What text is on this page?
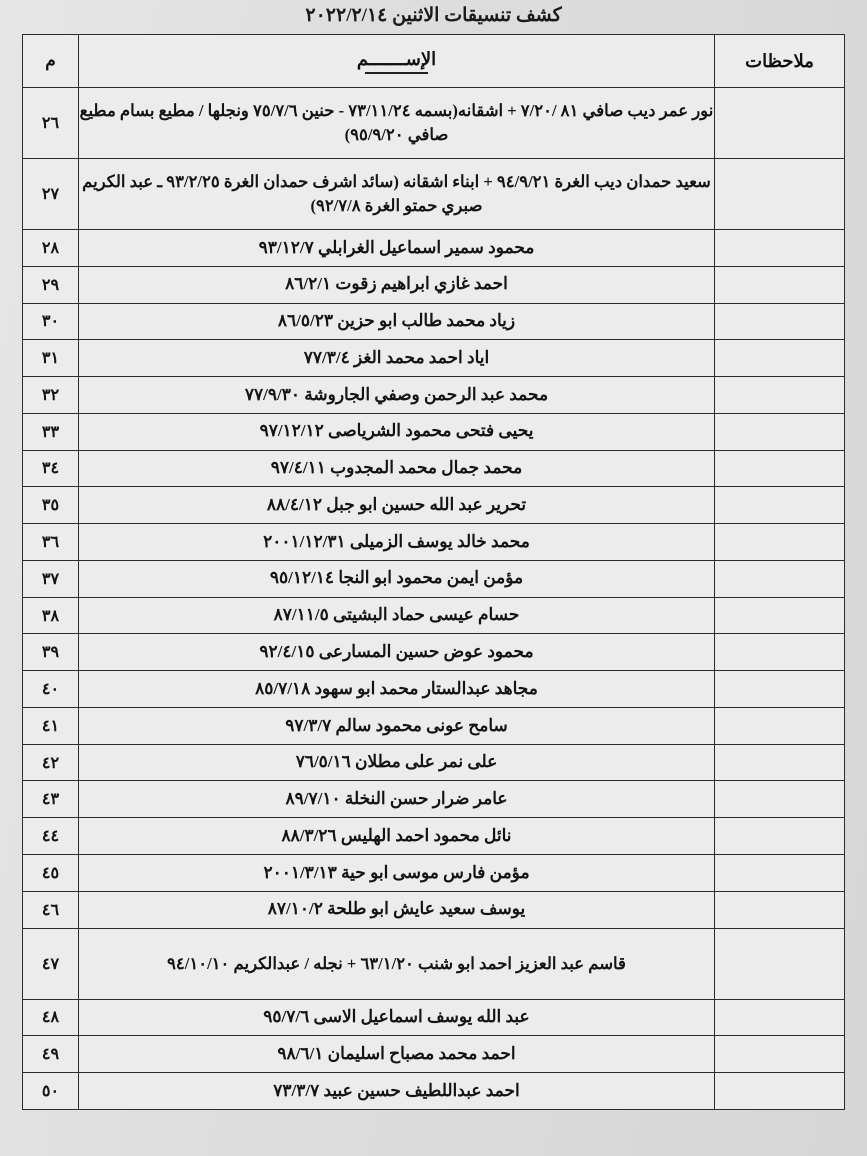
كشف تنسيقات الاثنين ٢٠٢٢/٢/١٤
ملاحظات	الإســـــــم	م
	نور عمر ديب صافي ٨١ /٧/٢٠ + اشقانه(بسمه ٧٣/١١/٢٤ - حنين ٧٥/٧/٦ ونجلها / مطيع بسام مطيع صافي ٩٥/٩/٢٠)	٢٦
	سعيد حمدان ديب الغرة ٩٤/٩/٢١ + ابناء اشقانه (سائد اشرف حمدان الغرة ٩٣/٢/٢٥ ـ عبد الكريم صبري حمتو الغرة ٩٢/٧/٨)	٢٧
	محمود سمير اسماعيل الغرابلي ٩٣/١٢/٧	٢٨
	احمد غازي ابراهيم زقوت ٨٦/٢/١	٢٩
	زياد محمد طالب ابو حزين ٨٦/٥/٢٣	٣٠
	اياد احمد محمد الغز ٧٧/٣/٤	٣١
	محمد عبد الرحمن وصفي الجاروشة ٧٧/٩/٣٠	٣٢
	يحيى فتحى محمود الشرياصى ٩٧/١٢/١٢	٣٣
	محمد جمال محمد المجدوب ٩٧/٤/١١	٣٤
	تحرير عبد الله حسين ابو جبل ٨٨/٤/١٢	٣٥
	محمد خالد يوسف الزميلى ٢٠٠١/١٢/٣١	٣٦
	مؤمن ايمن محمود ابو النجا ٩٥/١٢/١٤	٣٧
	حسام عيسى حماد البشيتى ٨٧/١١/٥	٣٨
	محمود عوض حسين المسارعى ٩٢/٤/١٥	٣٩
	مجاهد عبدالستار محمد ابو سهود ٨٥/٧/١٨	٤٠
	سامح عونى محمود سالم ٩٧/٣/٧	٤١
	على نمر على مطلان ٧٦/٥/١٦	٤٢
	عامر ضرار حسن النخلة ٨٩/٧/١٠	٤٣
	نائل محمود احمد الهليس ٨٨/٣/٢٦	٤٤
	مؤمن فارس موسى ابو حية ٢٠٠١/٣/١٣	٤٥
	يوسف سعيد عايش ابو طلحة ٨٧/١٠/٢	٤٦
	قاسم عبد العزيز احمد ابو شنب ٦٣/١/٢٠ + نجله / عبدالكريم ٩٤/١٠/١٠	٤٧
	عبد الله يوسف اسماعيل الاسى ٩٥/٧/٦	٤٨
	احمد محمد مصباح اسليمان ٩٨/٦/١	٤٩
	احمد عبداللطيف حسين عبيد ٧٣/٣/٧	٥٠
